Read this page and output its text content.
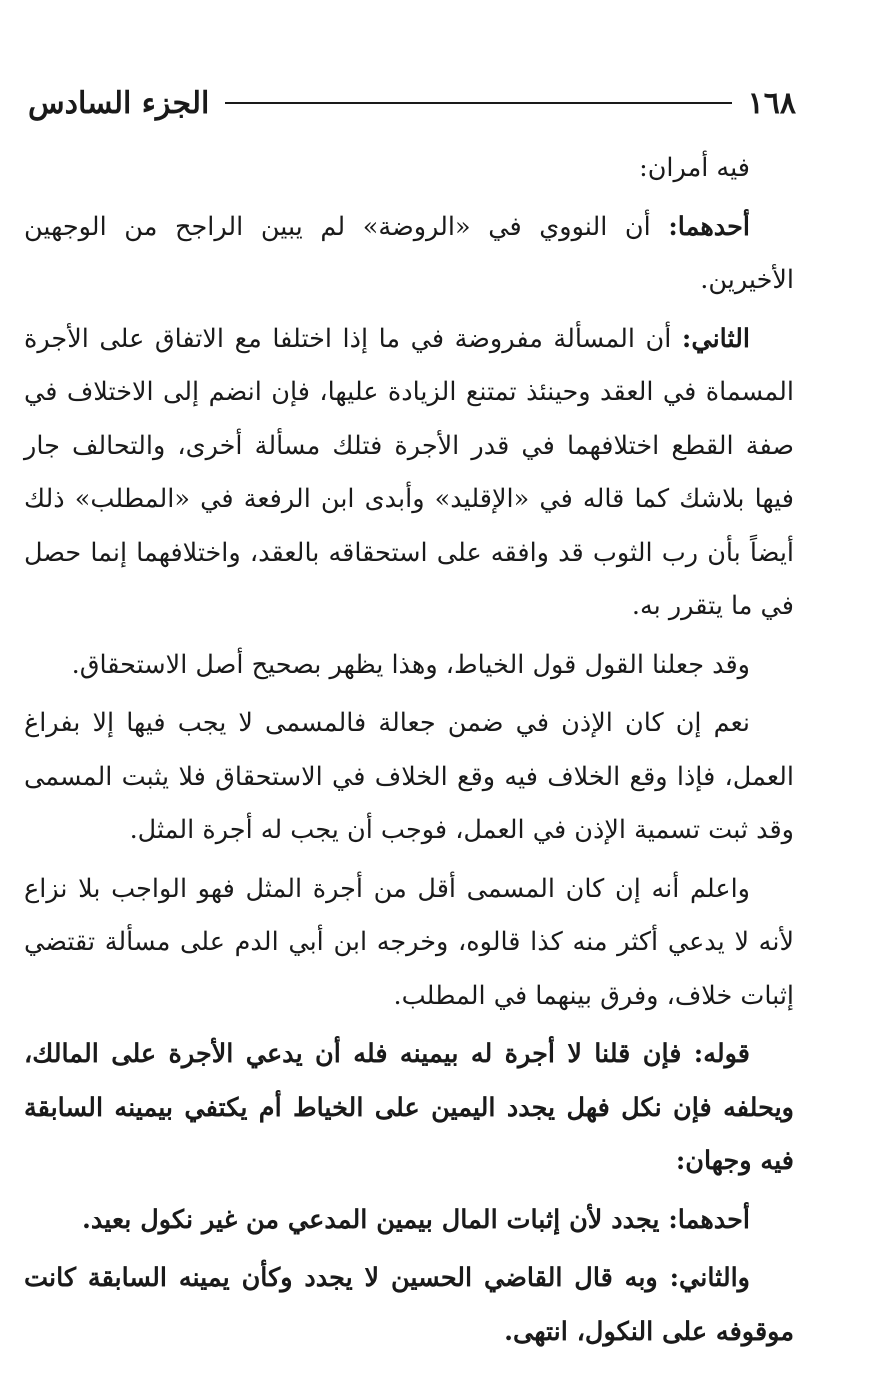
١٦٨
الجزء السادس

فيه أمران:

أحدهما: أن النووي في «الروضة» لم يبين الراجح من الوجهين الأخيرين.

الثاني: أن المسألة مفروضة في ما إذا اختلفا مع الاتفاق على الأجرة المسماة في العقد وحينئذ تمتنع الزيادة عليها، فإن انضم إلى الاختلاف في صفة القطع اختلافهما في قدر الأجرة فتلك مسألة أخرى، والتحالف جار فيها بلاشك كما قاله في «الإقليد» وأبدى ابن الرفعة في «المطلب» ذلك أيضاً بأن رب الثوب قد وافقه على استحقاقه بالعقد، واختلافهما إنما حصل في ما يتقرر به.

وقد جعلنا القول قول الخياط، وهذا يظهر بصحيح أصل الاستحقاق.

نعم إن كان الإذن في ضمن جعالة فالمسمى لا يجب فيها إلا بفراغ العمل، فإذا وقع الخلاف فيه وقع الخلاف في الاستحقاق فلا يثبت المسمى وقد ثبت تسمية الإذن في العمل، فوجب أن يجب له أجرة المثل.

واعلم أنه إن كان المسمى أقل من أجرة المثل فهو الواجب بلا نزاع لأنه لا يدعي أكثر منه كذا قالوه، وخرجه ابن أبي الدم على مسألة تقتضي إثبات خلاف، وفرق بينهما في المطلب.

قوله: فإن قلنا لا أجرة له بيمينه فله أن يدعي الأجرة على المالك، ويحلفه فإن نكل فهل يجدد اليمين على الخياط أم يكتفي بيمينه السابقة فيه وجهان:

أحدهما: يجدد لأن إثبات المال بيمين المدعي من غير نكول بعيد.

والثاني: وبه قال القاضي الحسين لا يجدد وكأن يمينه السابقة كانت موقوفه على النكول، انتهى.
